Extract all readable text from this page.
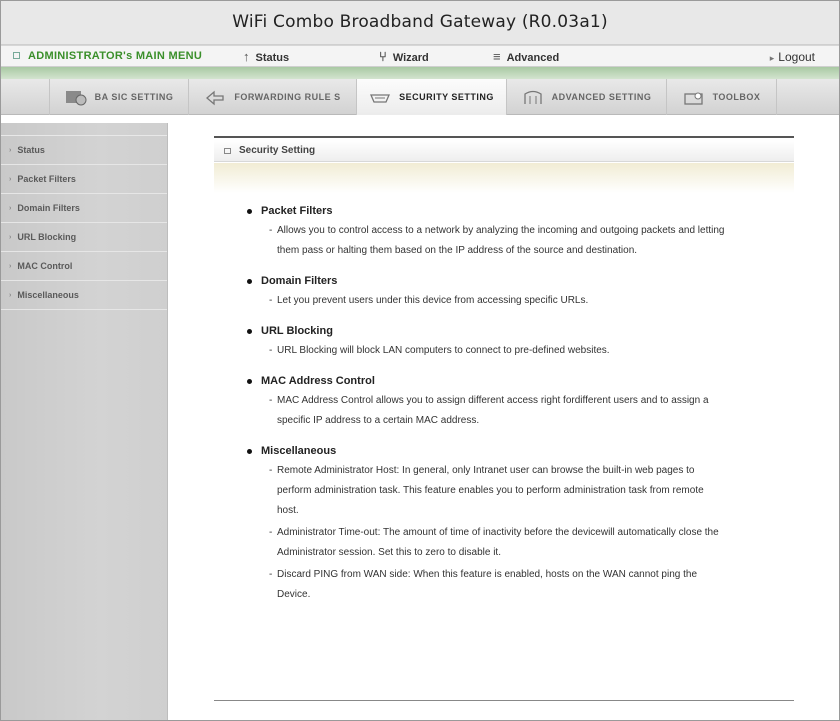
WiFi Combo Broadband Gateway (R0.03a1)
ADMINISTRATOR's MAIN MENU	↑ Status	⑂ Wizard	≡ Advanced	▸ Logout
BA SIC SETTING	FORWARDING RULE S	SECURITY SETTING	ADVANCED SETTING	TOOLBOX
› Status
› Packet Filters
› Domain Filters
› URL Blocking
› MAC Control
› Miscellaneous
Security Setting
Packet Filters
- Allows you to control access to a network by analyzing the incoming and outgoing packets and letting them pass or halting them based on the IP address of the source and destination.
Domain Filters
- Let you prevent users under this device from accessing specific URLs.
URL Blocking
- URL Blocking will block LAN computers to connect to pre-defined websites.
MAC Address Control
- MAC Address Control allows you to assign different access right fordifferent users and to assign a specific IP address to a certain MAC address.
Miscellaneous
- Remote Administrator Host: In general, only Intranet user can browse the built-in web pages to perform administration task. This feature enables you to perform administration task from remote host.
- Administrator Time-out: The amount of time of inactivity before the devicewill automatically close the Administrator session. Set this to zero to disable it.
- Discard PING from WAN side: When this feature is enabled, hosts on the WAN cannot ping the Device.
